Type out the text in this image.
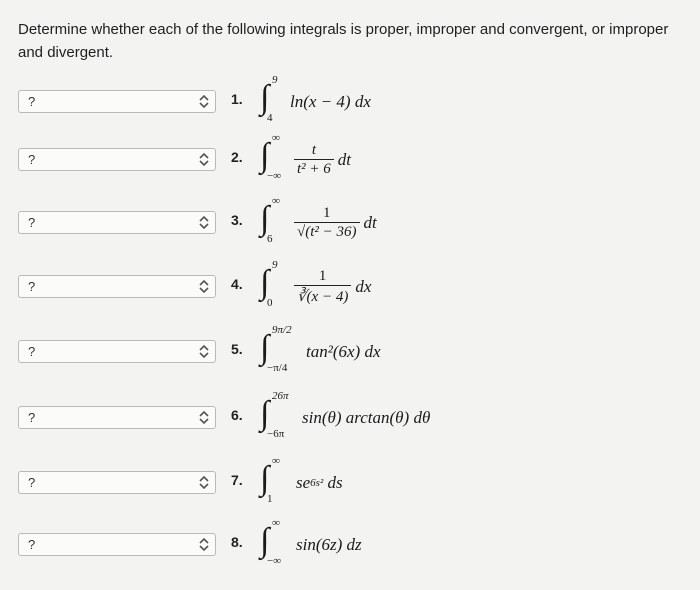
Determine whether each of the following integrals is proper, improper and convergent, or improper and divergent.
?	1. ∫ 9
4
ln(x − 4) dx
?	2. ∫ ∞
−∞ $\frac{t}{\text{t² + 6}}$ dt
?	3. ∫ ∞
$6 \frac{1}{\text{√(t² − 36)}}$ dt
?	4. ∫ 9
$0 \frac{1}{∛(x - 4)}$ dx
?	5. ∫ 9π/2
−π/4
tan²(6x) dx
?	6. ∫ 26π
−6π
sin(θ) arctan(θ) dθ
?	7. ∫ ∞
1
se 6s²
ds
?	8. ∫ ∞
−∞
sin(6z) dz
